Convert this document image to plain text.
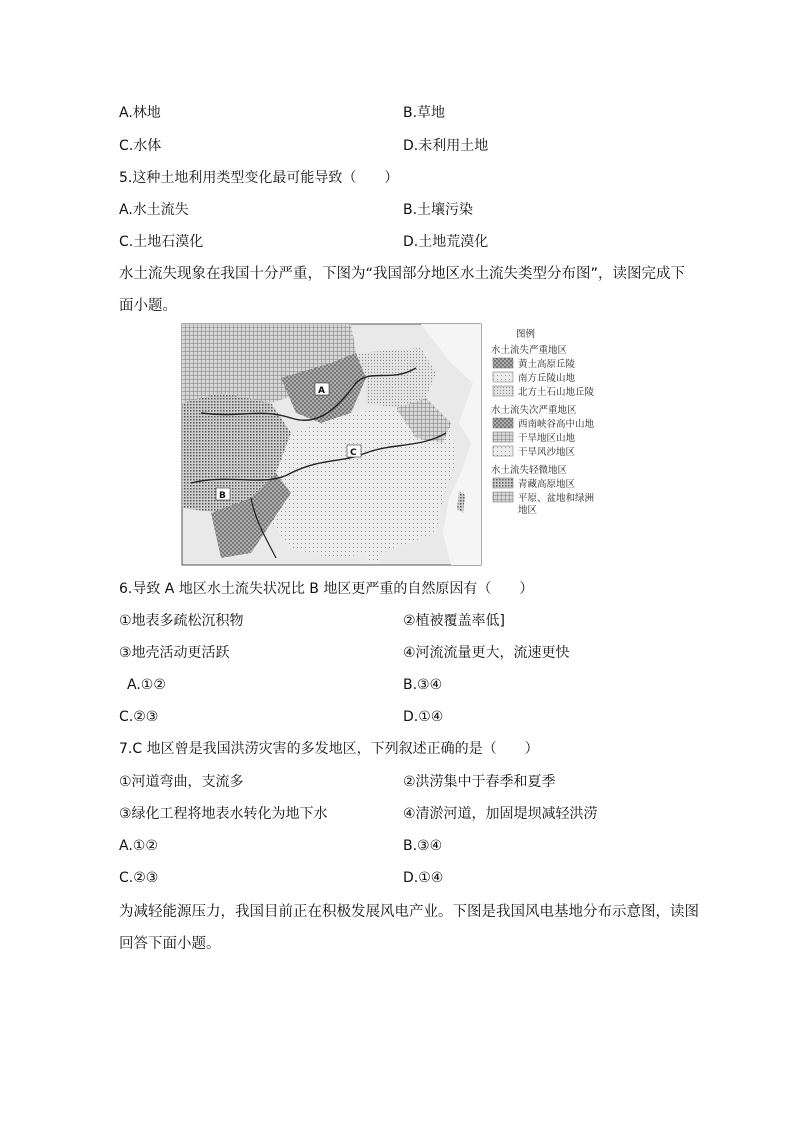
A.林地	B.草地
C.水体	D.未利用土地
5.这种土地利用类型变化最可能导致（　　）
A.水土流失	B.土壤污染
C.土地石漠化	D.土地荒漠化
水土流失现象在我国十分严重，下图为“我国部分地区水土流失类型分布图”，读图完成下
面小题。
A
B
C
图例
水土流失严重地区
黄土高原丘陵
南方丘陵山地
北方土石山地丘陵
水土流失次严重地区
西南峡谷高中山地
干旱地区山地
干旱风沙地区
水土流失轻微地区
青藏高原地区
平原、盆地和绿洲
地区
6.导致 A 地区水土流失状况比 B 地区更严重的自然原因有（　　）
①地表多疏松沉积物	②植被覆盖率低]
③地壳活动更活跃	④河流流量更大，流速更快
A.①②	B.③④
C.②③	D.①④
7.C 地区曾是我国洪涝灾害的多发地区，下列叙述正确的是（　　）
①河道弯曲，支流多	②洪涝集中于春季和夏季
③绿化工程将地表水转化为地下水	④清淤河道，加固堤坝减轻洪涝
A.①②	B.③④
C.②③	D.①④
为减轻能源压力，我国目前正在积极发展风电产业。下图是我国风电基地分布示意图，读图
回答下面小题。
